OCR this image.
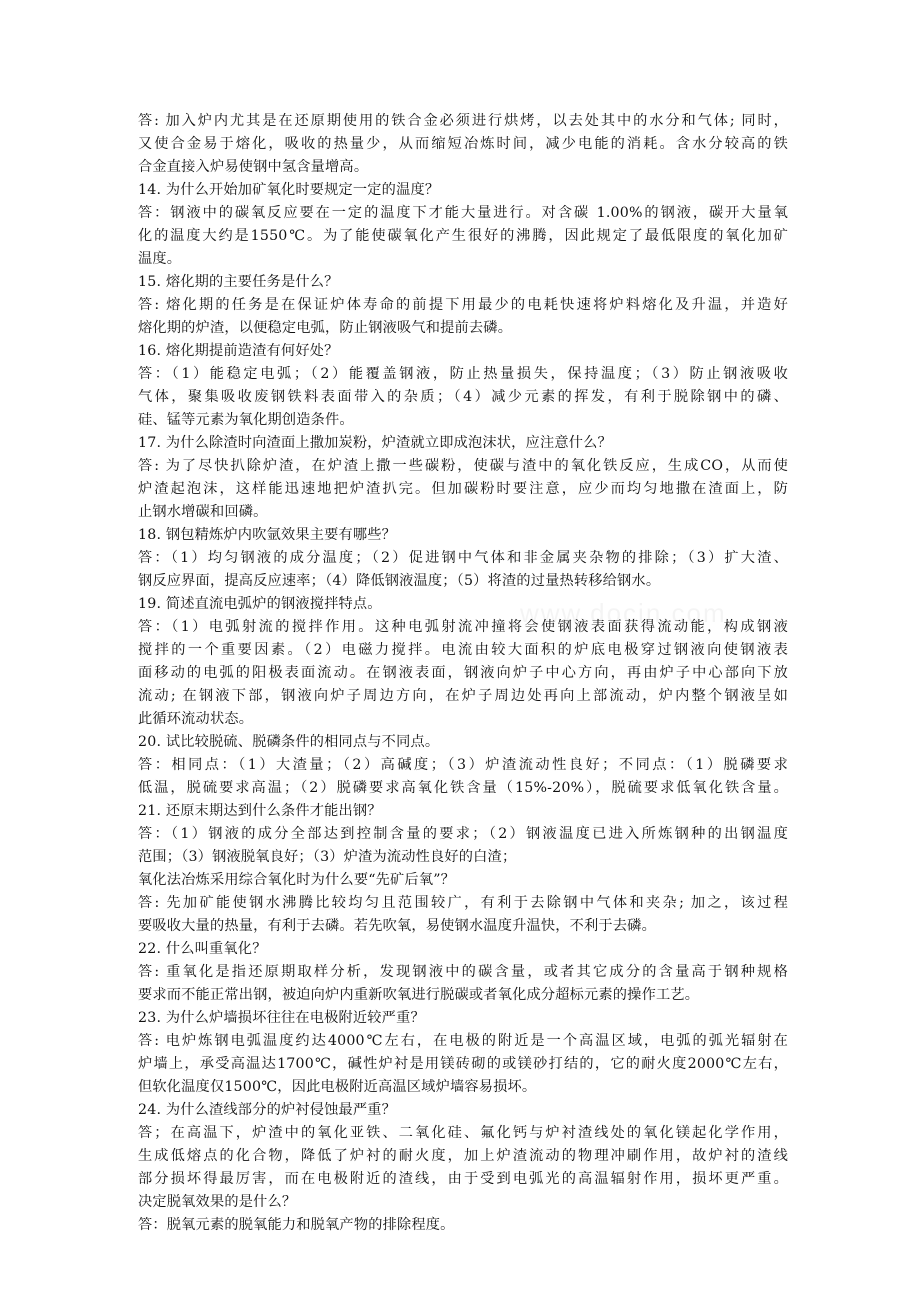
答: 加入炉内尤其是在还原期使用的铁合金必须进行烘烤，以去处其中的水分和气体; 同时，
又使合金易于熔化，吸收的热量少，从而缩短冶炼时间，减少电能的消耗。含水分较高的铁
合金直接入炉易使钢中氢含量增高。
14. 为什么开始加矿氧化时要规定一定的温度？
答：钢液中的碳氧反应要在一定的温度下才能大量进行。对含碳 1.00%的钢液，碳开大量氧
化的温度大约是1550℃。为了能使碳氧化产生很好的沸腾，因此规定了最低限度的氧化加矿
温度。
15. 熔化期的主要任务是什么？
答: 熔化期的任务是在保证炉体寿命的前提下用最少的电耗快速将炉料熔化及升温，并造好
熔化期的炉渣，以便稳定电弧，防止钢液吸气和提前去磷。
16. 熔化期提前造渣有何好处？
答：（1）能稳定电弧；（2）能覆盖钢液，防止热量损失，保持温度；（3）防止钢液吸收
气体，聚集吸收废钢铁料表面带入的杂质；（4）减少元素的挥发，有利于脱除钢中的磷、
硅、锰等元素为氧化期创造条件。
17. 为什么除渣时向渣面上撒加炭粉，炉渣就立即成泡沫状，应注意什么？
答: 为了尽快扒除炉渣，在炉渣上撒一些碳粉，使碳与渣中的氧化铁反应，生成CO，从而使
炉渣起泡沫，这样能迅速地把炉渣扒完。但加碳粉时要注意，应少而均匀地撒在渣面上，防
止钢水增碳和回磷。
18. 钢包精炼炉内吹氩效果主要有哪些？
答：（1）均匀钢液的成分温度；（2）促进钢中气体和非金属夹杂物的排除；（3）扩大渣、
钢反应界面，提高反应速率；（4）降低钢液温度；（5）将渣的过量热转移给钢水。
19. 简述直流电弧炉的钢液搅拌特点。
答：（1）电弧射流的搅拌作用。这种电弧射流冲撞将会使钢液表面获得流动能，构成钢液
搅拌的一个重要因素。（2）电磁力搅拌。电流由较大面积的炉底电极穿过钢液向使钢液表
面移动的电弧的阳极表面流动。在钢液表面，钢液向炉子中心方向，再由炉子中心部向下放
流动; 在钢液下部，钢液向炉子周边方向，在炉子周边处再向上部流动，炉内整个钢液呈如
此循环流动状态。
20. 试比较脱硫、脱磷条件的相同点与不同点。
答：相同点：（1）大渣量；（2）高碱度；（3）炉渣流动性良好；不同点：（1）脱磷要求
低温，脱硫要求高温；（2）脱磷要求高氧化铁含量（15%-20%），脱硫要求低氧化铁含量。
21. 还原末期达到什么条件才能出钢？
答：（1）钢液的成分全部达到控制含量的要求；（2）钢液温度已进入所炼钢种的出钢温度
范围；（3）钢液脱氧良好；（3）炉渣为流动性良好的白渣；
氧化法冶炼采用综合氧化时为什么要“先矿后氧”？
答: 先加矿能使钢水沸腾比较均匀且范围较广，有利于去除钢中气体和夹杂; 加之，该过程
要吸收大量的热量，有利于去磷。若先吹氧，易使钢水温度升温快，不利于去磷。
22. 什么叫重氧化？
答: 重氧化是指还原期取样分析，发现钢液中的碳含量，或者其它成分的含量高于钢种规格
要求而不能正常出钢，被迫向炉内重新吹氧进行脱碳或者氧化成分超标元素的操作工艺。
23. 为什么炉墙损坏往往在电极附近较严重？
答: 电炉炼钢电弧温度约达4000℃左右，在电极的附近是一个高温区域，电弧的弧光辐射在
炉墙上，承受高温达1700℃，碱性炉衬是用镁砖砌的或镁砂打结的，它的耐火度2000℃左右，
但软化温度仅1500℃，因此电极附近高温区域炉墙容易损坏。
24. 为什么渣线部分的炉衬侵蚀最严重？
答；在高温下，炉渣中的氧化亚铁、二氧化硅、氟化钙与炉衬渣线处的氧化镁起化学作用，
生成低熔点的化合物，降低了炉衬的耐火度，加上炉渣流动的物理冲刷作用，故炉衬的渣线
部分损坏得最厉害，而在电极附近的渣线，由于受到电弧光的高温辐射作用，损坏更严重。
决定脱氧效果的是什么？
答：脱氧元素的脱氧能力和脱氧产物的排除程度。
